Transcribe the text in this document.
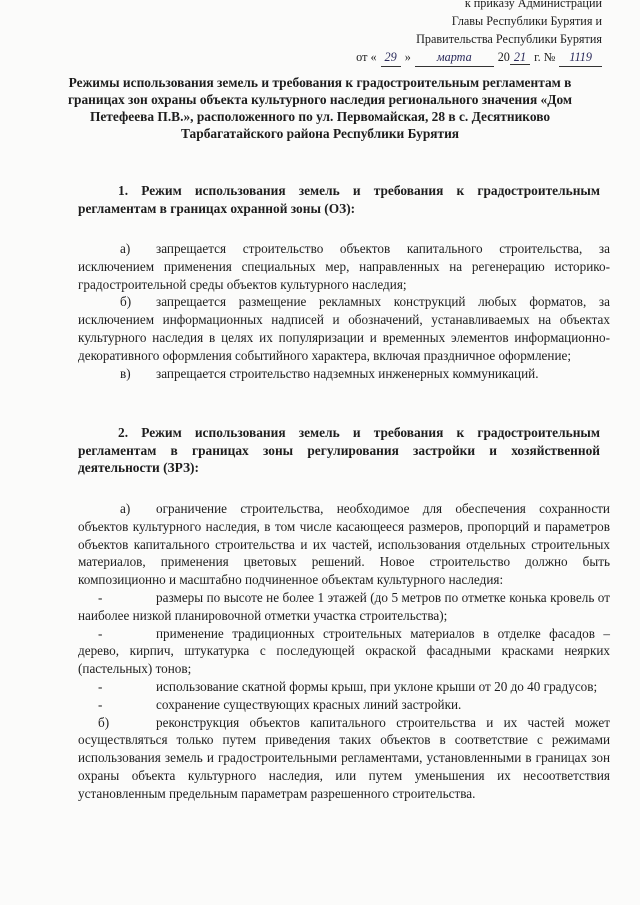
к приказу Администрации
Главы Республики Бурятия и
Правительства Республики Бурятия
от « 29 »	марта	20 21 г. №	1119
Режимы использования земель и требования к градостроительным регламентам в границах зон охраны объекта культурного наследия регионального значения «Дом Петефеева П.В.», расположенного по ул. Первомайская, 28 в с. Десятниково Тарбагатайского района Республики Бурятия
1. Режим использования земель и требования к градостроительным регламентам в границах охранной зоны (ОЗ):

а) запрещается строительство объектов капитального строительства, за исключением применения специальных мер, направленных на регенерацию историко-градостроительной среды объектов культурного наследия;

б) запрещается размещение рекламных конструкций любых форматов, за исключением информационных надписей и обозначений, устанавливаемых на объектах культурного наследия в целях их популяризации и временных элементов информационно-декоративного оформления событийного характера, включая праздничное оформление;

в) запрещается строительство надземных инженерных коммуникаций.

2. Режим использования земель и требования к градостроительным регламентам в границах зоны регулирования застройки и хозяйственной деятельности (ЗРЗ):

а) ограничение строительства, необходимое для обеспечения сохранности объектов культурного наследия, в том числе касающееся размеров, пропорций и параметров объектов капитального строительства и их частей, использования отдельных строительных материалов, применения цветовых решений. Новое строительство должно быть композиционно и масштабно подчиненное объектам культурного наследия:

-	размеры по высоте не более 1 этажей (до 5 метров по отметке конька кровель от наиболее низкой планировочной отметки участка строительства);

-	применение традиционных строительных материалов в отделке фасадов – дерево, кирпич, штукатурка с последующей окраской фасадными красками неярких (пастельных) тонов;

-	использование скатной формы крыш, при уклоне крыши от 20 до 40 градусов;

-	сохранение существующих красных линий застройки.

б)	реконструкция объектов капитального строительства и их частей может осуществляться только путем приведения таких объектов в соответствие с режимами использования земель и градостроительными регламентами, установленными в границах зон охраны объекта культурного наследия, или путем уменьшения их несоответствия установленным предельным параметрам разрешенного строительства.
